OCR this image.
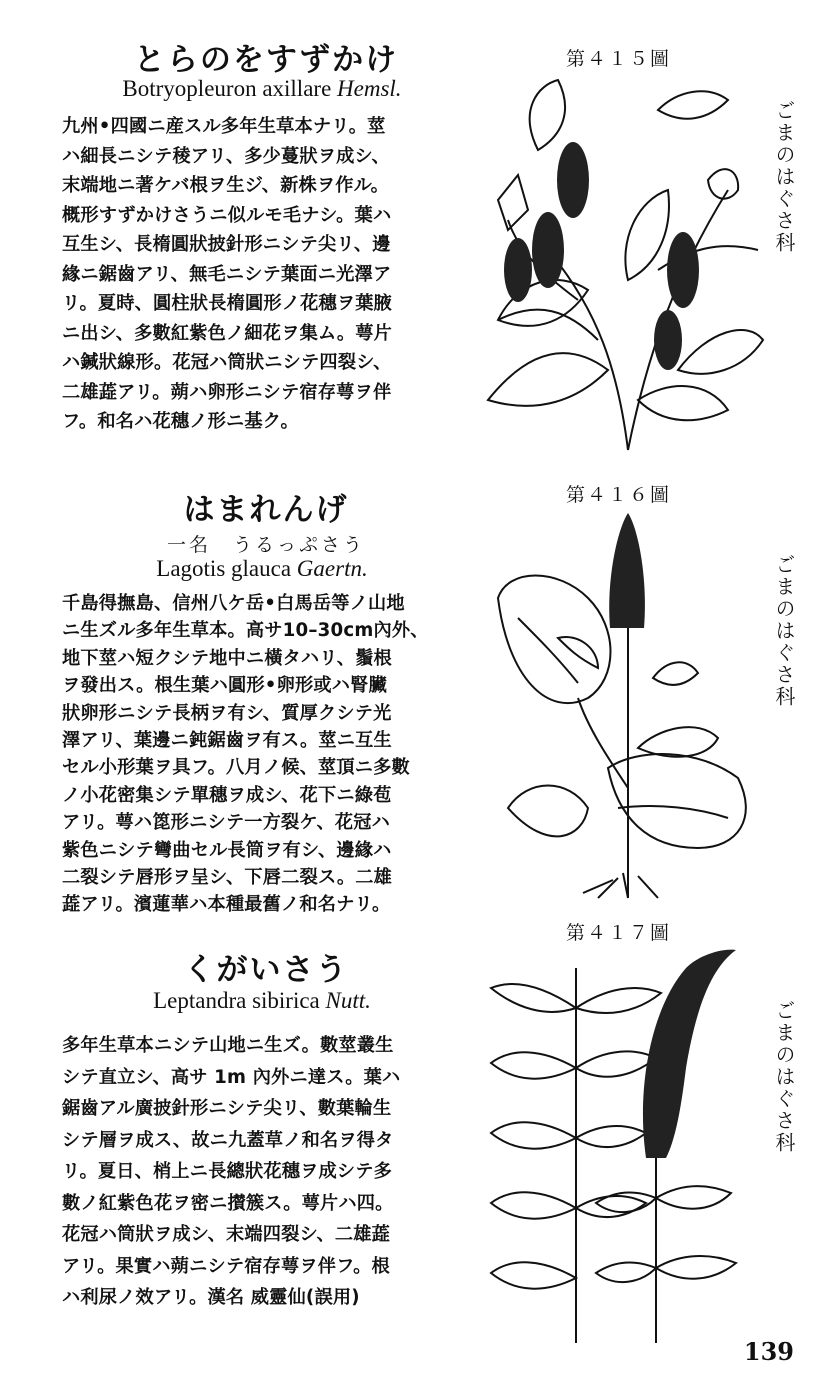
とらのをすずかけ
Botryopleuron axillare Hemsl.
九州•四國ニ産スル多年生草本ナリ。莖
ハ細長ニシテ稜アリ、多少蔓狀ヲ成シ、
末端地ニ著ケバ根ヲ生ジ、新株ヲ作ル。
概形すずかけさうニ似ルモ毛ナシ。葉ハ
互生シ、長楕圓狀披針形ニシテ尖リ、邊
緣ニ鋸齒アリ、無毛ニシテ葉面ニ光澤ア
リ。夏時、圓柱狀長楕圓形ノ花穗ヲ葉腋
ニ出シ、多數紅紫色ノ細花ヲ集ム。萼片
ハ鍼狀線形。花冠ハ筒狀ニシテ四裂シ、
二雄蕋アリ。蒴ハ卵形ニシテ宿存萼ヲ伴
フ。和名ハ花穗ノ形ニ基ク。
第４１５圖
ごまのはぐさ科
はまれんげ
一名　うるっぷさう
Lagotis glauca Gaertn.
千島得撫島、信州八ケ岳•白馬岳等ノ山地
ニ生ズル多年生草本。高サ10–30cm內外、
地下莖ハ短クシテ地中ニ橫タハリ、鬚根
ヲ發出ス。根生葉ハ圓形•卵形或ハ腎臟
狀卵形ニシテ長柄ヲ有シ、質厚クシテ光
澤アリ、葉邊ニ鈍鋸齒ヲ有ス。莖ニ互生
セル小形葉ヲ具フ。八月ノ候、莖頂ニ多數
ノ小花密集シテ單穗ヲ成シ、花下ニ綠苞
アリ。萼ハ箆形ニシテ一方裂ケ、花冠ハ
紫色ニシテ彎曲セル長筒ヲ有シ、邊緣ハ
二裂シテ唇形ヲ呈シ、下唇二裂ス。二雄
蕋アリ。濱蓮華ハ本種最舊ノ和名ナリ。
第４１６圖
ごまのはぐさ科
くがいさう
Leptandra sibirica Nutt.
多年生草本ニシテ山地ニ生ズ。數莖叢生
シテ直立シ、高サ 1m 內外ニ達ス。葉ハ
鋸齒アル廣披針形ニシテ尖リ、數葉輪生
シテ層ヲ成ス、故ニ九蓋草ノ和名ヲ得タ
リ。夏日、梢上ニ長總狀花穗ヲ成シテ多
數ノ紅紫色花ヲ密ニ攅簇ス。萼片ハ四。
花冠ハ筒狀ヲ成シ、末端四裂シ、二雄蕋
アリ。果實ハ蒴ニシテ宿存萼ヲ伴フ。根
ハ利尿ノ效アリ。漢名 威靈仙(誤用)
第４１７圖
ごまのはぐさ科
139
